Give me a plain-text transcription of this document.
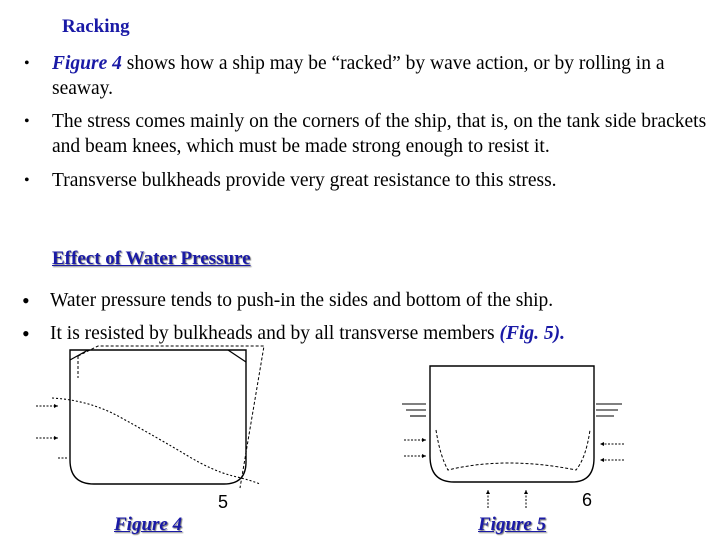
Racking
•	Figure 4 shows how a ship may be “racked” by wave action, or by rolling in a seaway.
•	The stress comes mainly on the corners of the ship, that is, on the tank side brackets and beam knees, which must be made strong enough to resist it.
•	Transverse bulkheads provide very great resistance to this stress.
Effect of Water Pressure
•	Water pressure tends to push-in the sides and bottom of the ship.
•	It is resisted by bulkheads and by all transverse members (Fig. 5).
5	6
Figure 4	Figure 5
